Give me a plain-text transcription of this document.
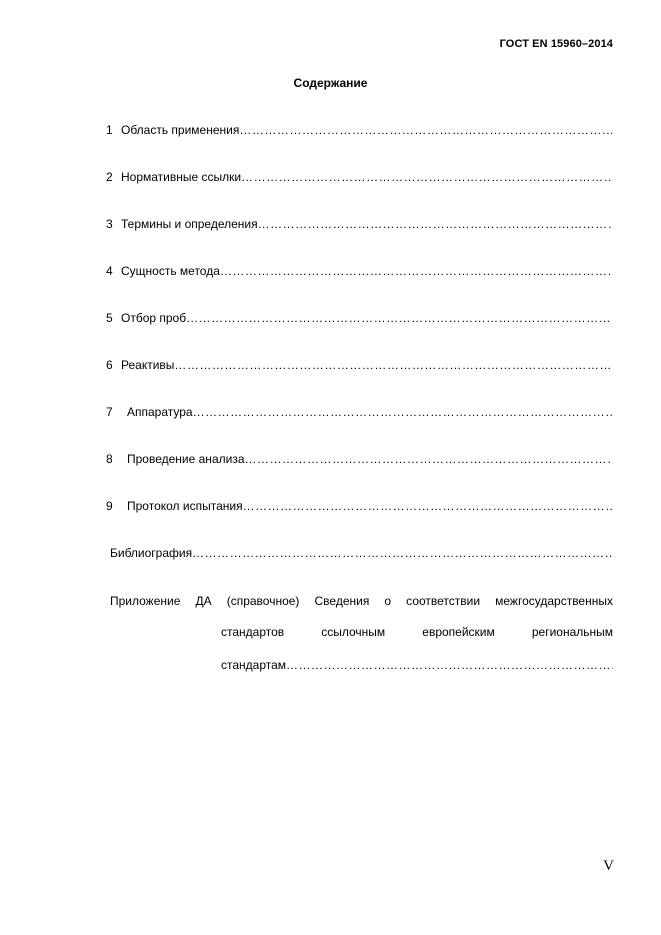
ГОСТ EN 15960–2014
Содержание
1 Область применения …………………………………………………………………………………………………………………………………………………………………………………………………………
2 Нормативные ссылки …………………………………………………………………………………………………………………………………………………………………………………………………………
3 Термины и определения …………………………………………………………………………………………………………………………………………………………………………………………………………
4 Сущность метода …………………………………………………………………………………………………………………………………………………………………………………………………………
5 Отбор проб …………………………………………………………………………………………………………………………………………………………………………………………………………
6 Реактивы …………………………………………………………………………………………………………………………………………………………………………………………………………
7 Аппаратура …………………………………………………………………………………………………………………………………………………………………………………………………………
8 Проведение анализа …………………………………………………………………………………………………………………………………………………………………………………………………………
9 Протокол испытания …………………………………………………………………………………………………………………………………………………………………………………………………………
Библиография …………………………………………………………………………………………………………………………………………………………………………………………………………
Приложение ДА (справочное) Сведения о соответствии межгосударственных
стандартов ссылочным европейским региональным
стандартам …………………………………………………………………………………………………………………………………………
V
